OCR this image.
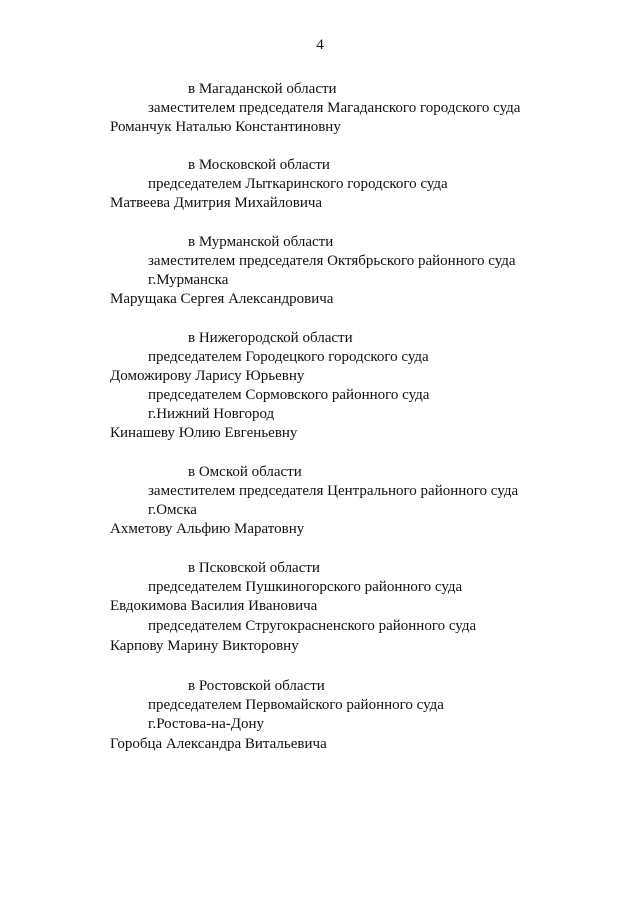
4
в Магаданской области
заместителем председателя Магаданского городского суда
Романчук Наталью Константиновну
в Московской области
председателем Лыткаринского городского суда
Матвеева Дмитрия Михайловича
в Мурманской области
заместителем председателя Октябрьского районного суда
г.Мурманска
Марущака Сергея Александровича
в Нижегородской области
председателем Городецкого городского суда
Доможирову Ларису Юрьевну
председателем Сормовского районного суда
г.Нижний Новгород
Кинашеву Юлию Евгеньевну
в Омской области
заместителем председателя Центрального районного суда
г.Омска
Ахметову Альфию Маратовну
в Псковской области
председателем Пушкиногорского районного суда
Евдокимова Василия Ивановича
председателем Стругокрасненского районного суда
Карпову Марину Викторовну
в Ростовской области
председателем Первомайского районного суда
г.Ростова-на-Дону
Горобца Александра Витальевича
